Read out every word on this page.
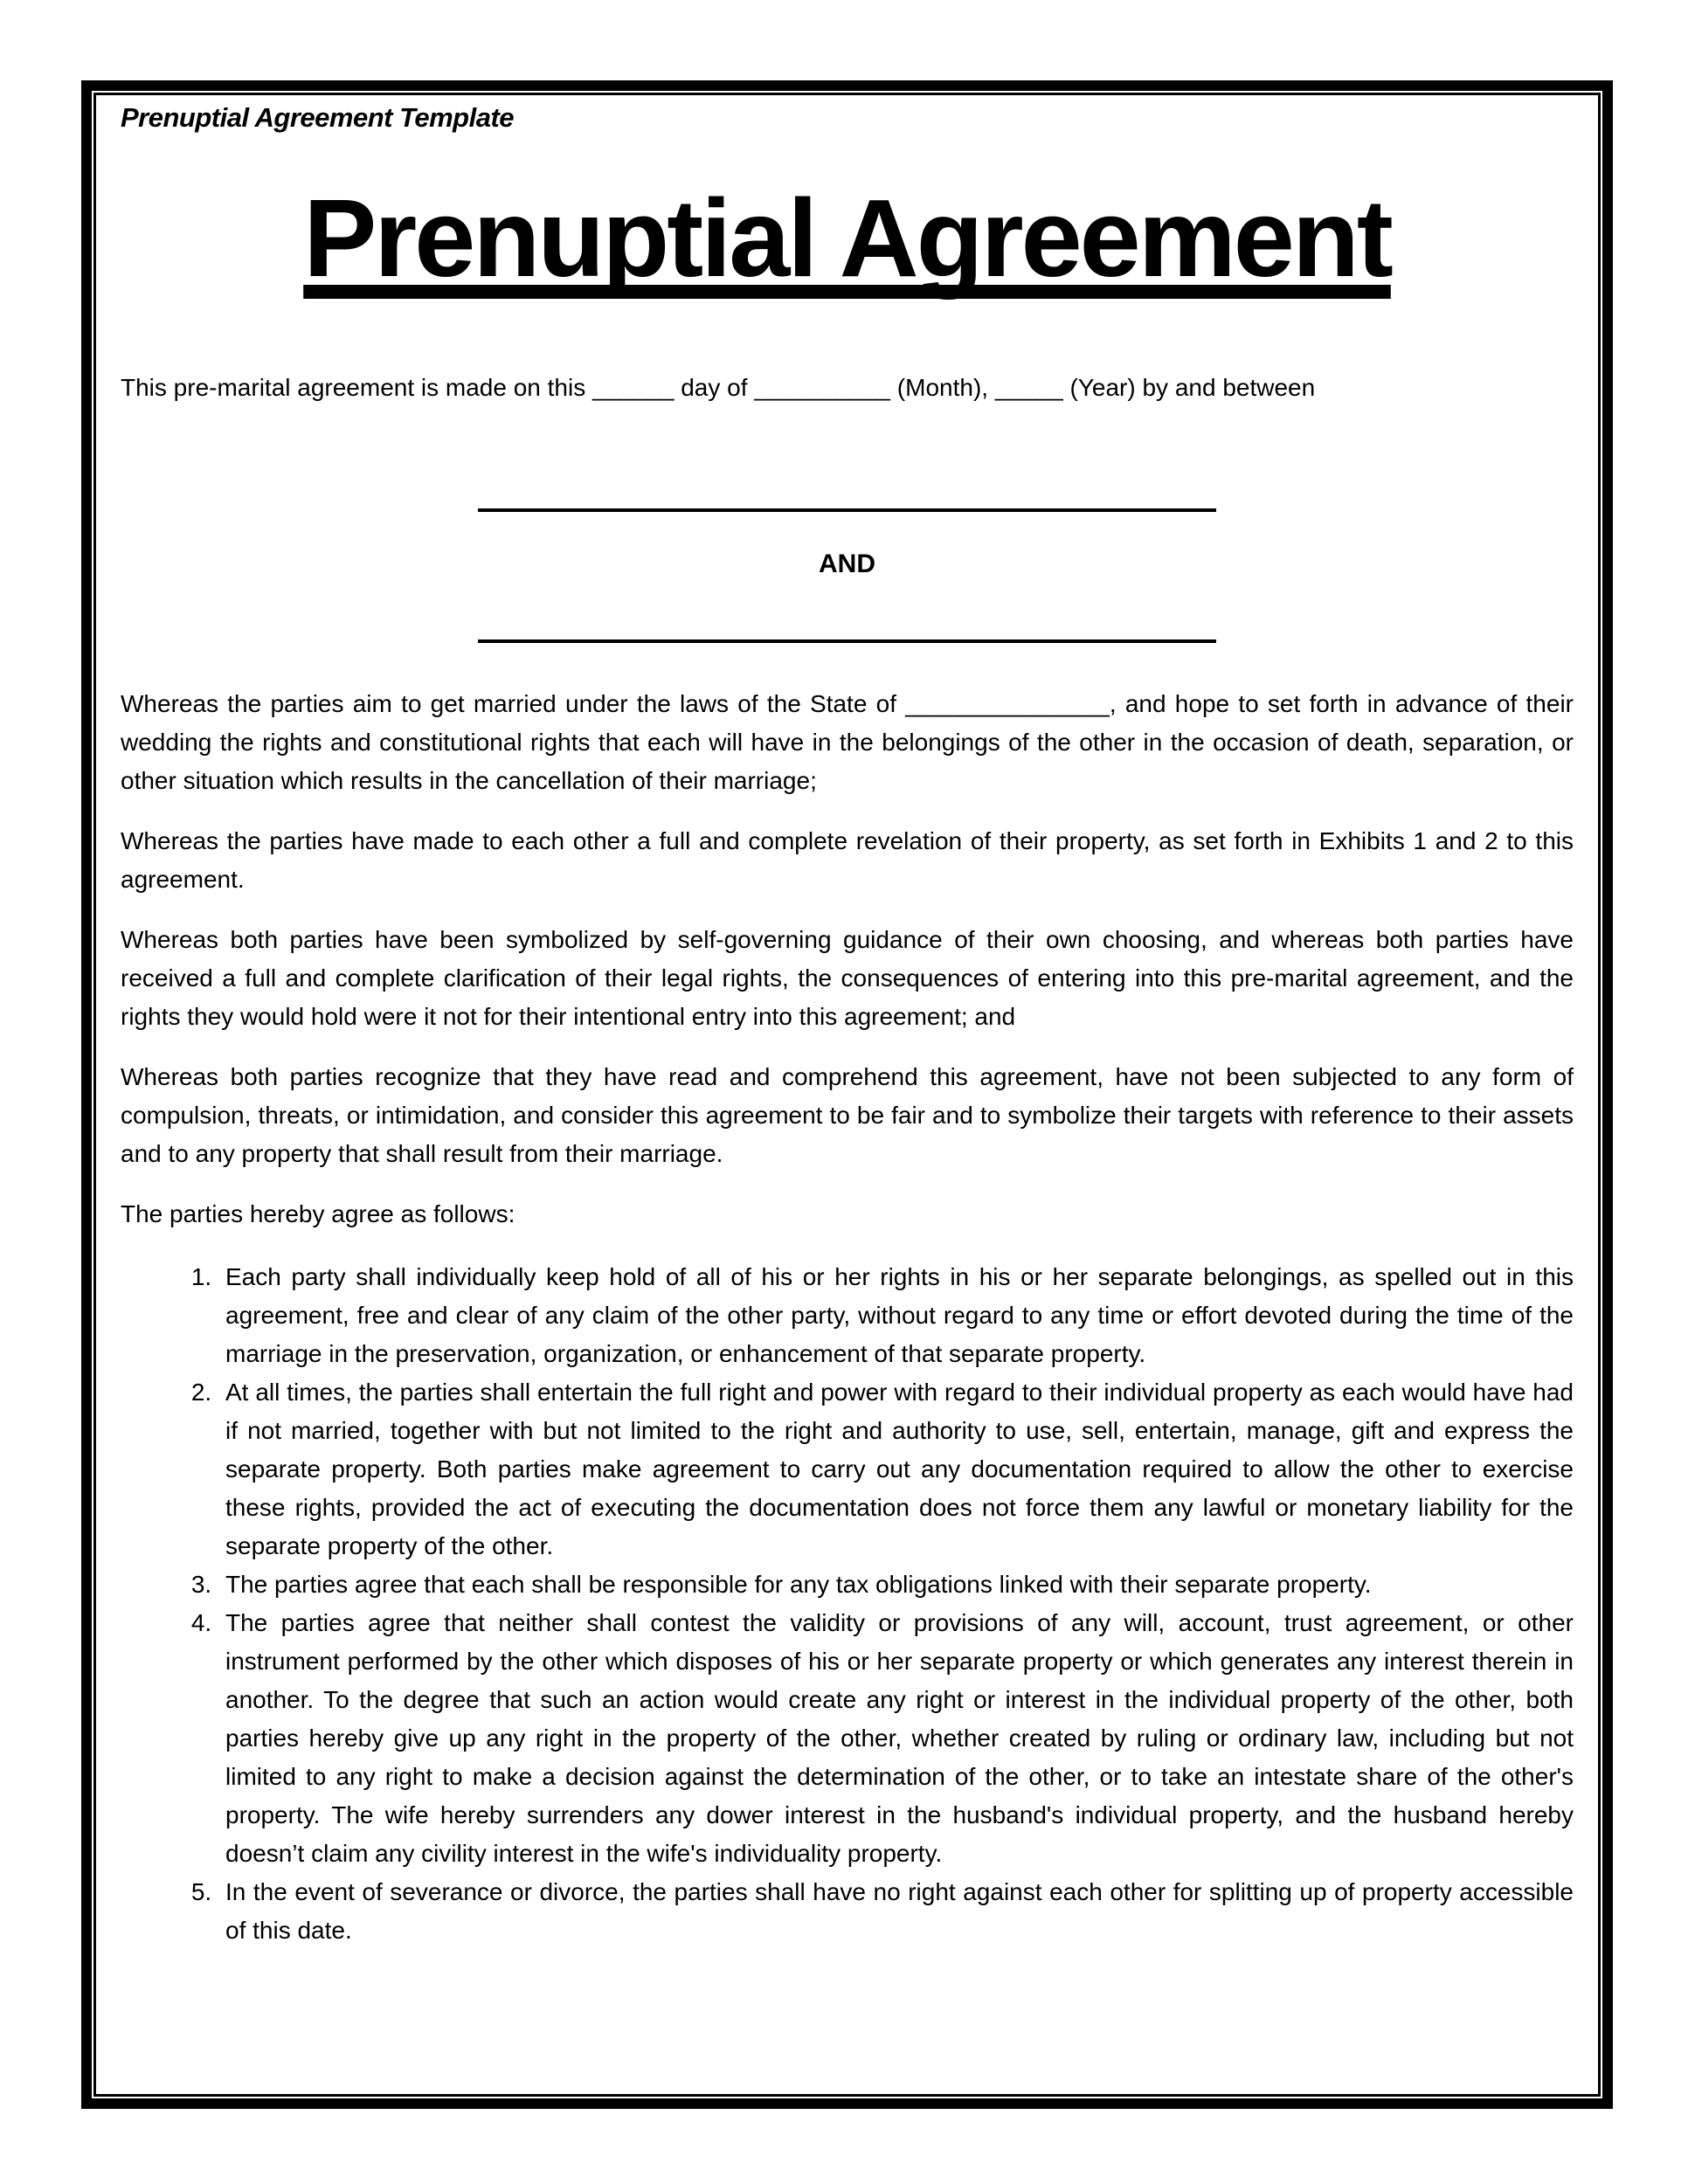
Prenuptial Agreement Template
Prenuptial Agreement

This pre-marital agreement is made on this ______ day of __________ (Month), _____ (Year) by and between

AND

Whereas the parties aim to get married under the laws of the State of _______________, and hope to set forth in advance of their wedding the rights and constitutional rights that each will have in the belongings of the other in the occasion of death, separation, or other situation which results in the cancellation of their marriage;

Whereas the parties have made to each other a full and complete revelation of their property, as set forth in Exhibits 1 and 2 to this agreement.

Whereas both parties have been symbolized by self-governing guidance of their own choosing, and whereas both parties have received a full and complete clarification of their legal rights, the consequences of entering into this pre-marital agreement, and the rights they would hold were it not for their intentional entry into this agreement; and

Whereas both parties recognize that they have read and comprehend this agreement, have not been subjected to any form of compulsion, threats, or intimidation, and consider this agreement to be fair and to symbolize their targets with reference to their assets and to any property that shall result from their marriage.

The parties hereby agree as follows:

1. Each party shall individually keep hold of all of his or her rights in his or her separate belongings, as spelled out in this agreement, free and clear of any claim of the other party, without regard to any time or effort devoted during the time of the marriage in the preservation, organization, or enhancement of that separate property.
2. At all times, the parties shall entertain the full right and power with regard to their individual property as each would have had if not married, together with but not limited to the right and authority to use, sell, entertain, manage, gift and express the separate property. Both parties make agreement to carry out any documentation required to allow the other to exercise these rights, provided the act of executing the documentation does not force them any lawful or monetary liability for the separate property of the other.
3. The parties agree that each shall be responsible for any tax obligations linked with their separate property.
4. The parties agree that neither shall contest the validity or provisions of any will, account, trust agreement, or other instrument performed by the other which disposes of his or her separate property or which generates any interest therein in another. To the degree that such an action would create any right or interest in the individual property of the other, both parties hereby give up any right in the property of the other, whether created by ruling or ordinary law, including but not limited to any right to make a decision against the determination of the other, or to take an intestate share of the other's property. The wife hereby surrenders any dower interest in the husband's individual property, and the husband hereby doesn’t claim any civility interest in the wife's individuality property.
5. In the event of severance or divorce, the parties shall have no right against each other for splitting up of property accessible of this date.
